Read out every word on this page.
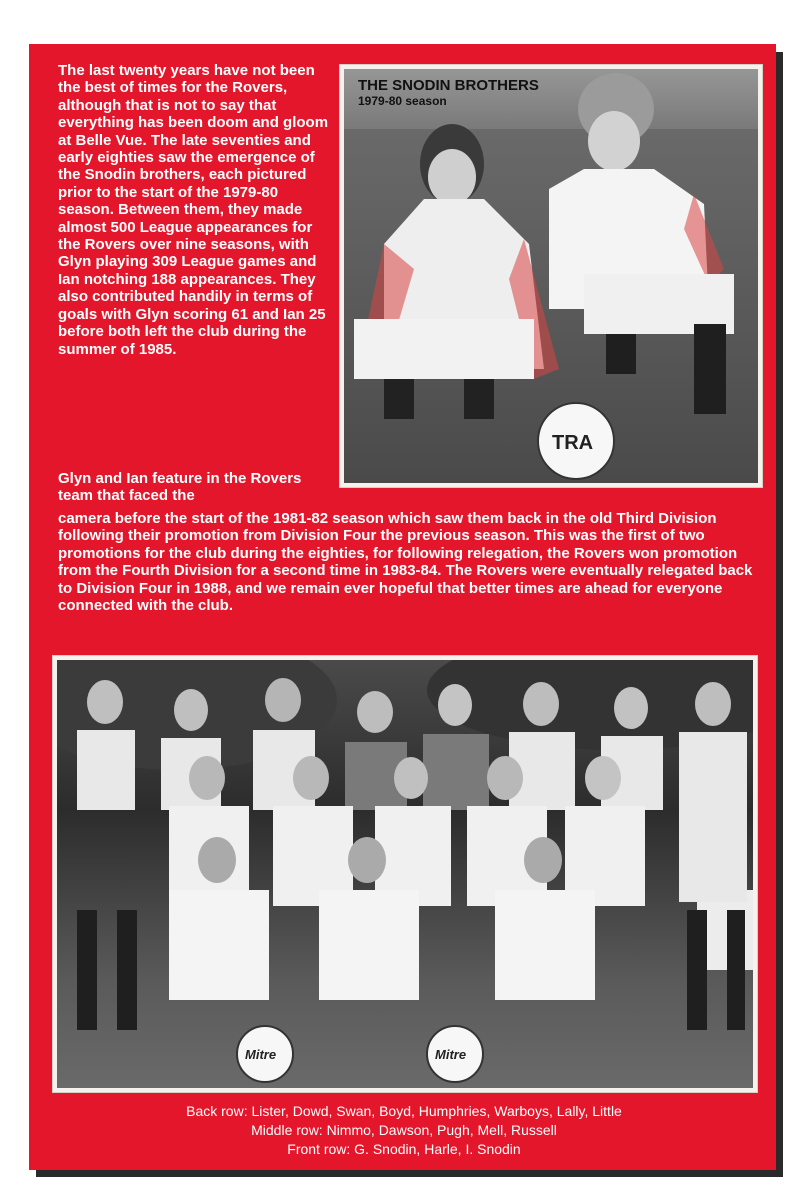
The last twenty years have not been the best of times for the Rovers, although that is not to say that everything has been doom and gloom at Belle Vue. The late seventies and early eighties saw the emergence of the Snodin brothers, each pictured prior to the start of the 1979-80 season. Between them, they made almost 500 League appearances for the Rovers over nine seasons, with Glyn playing 309 League games and Ian notching 188 appearances. They also contributed handily in terms of goals with Glyn scoring 61 and Ian 25 before both left the club during the summer of 1985.

Glyn and Ian feature in the Rovers team that faced the

camera before the start of the 1981-82 season which saw them back in the old Third Division following their promotion from Division Four the previous season. This was the first of two promotions for the club during the eighties, for following relegation, the Rovers won promotion from the Fourth Division for a second time in 1983-84. The Rovers were eventually relegated back to Division Four in 1988, and we remain ever hopeful that better times are ahead for everyone connected with the club.

TRA
THE SNODIN BROTHERS
1979-80 season
Mitre	Mitre
Back row: Lister, Dowd, Swan, Boyd, Humphries, Warboys, Lally, Little
Middle row: Nimmo, Dawson, Pugh, Mell, Russell
Front row: G. Snodin, Harle, I. Snodin
